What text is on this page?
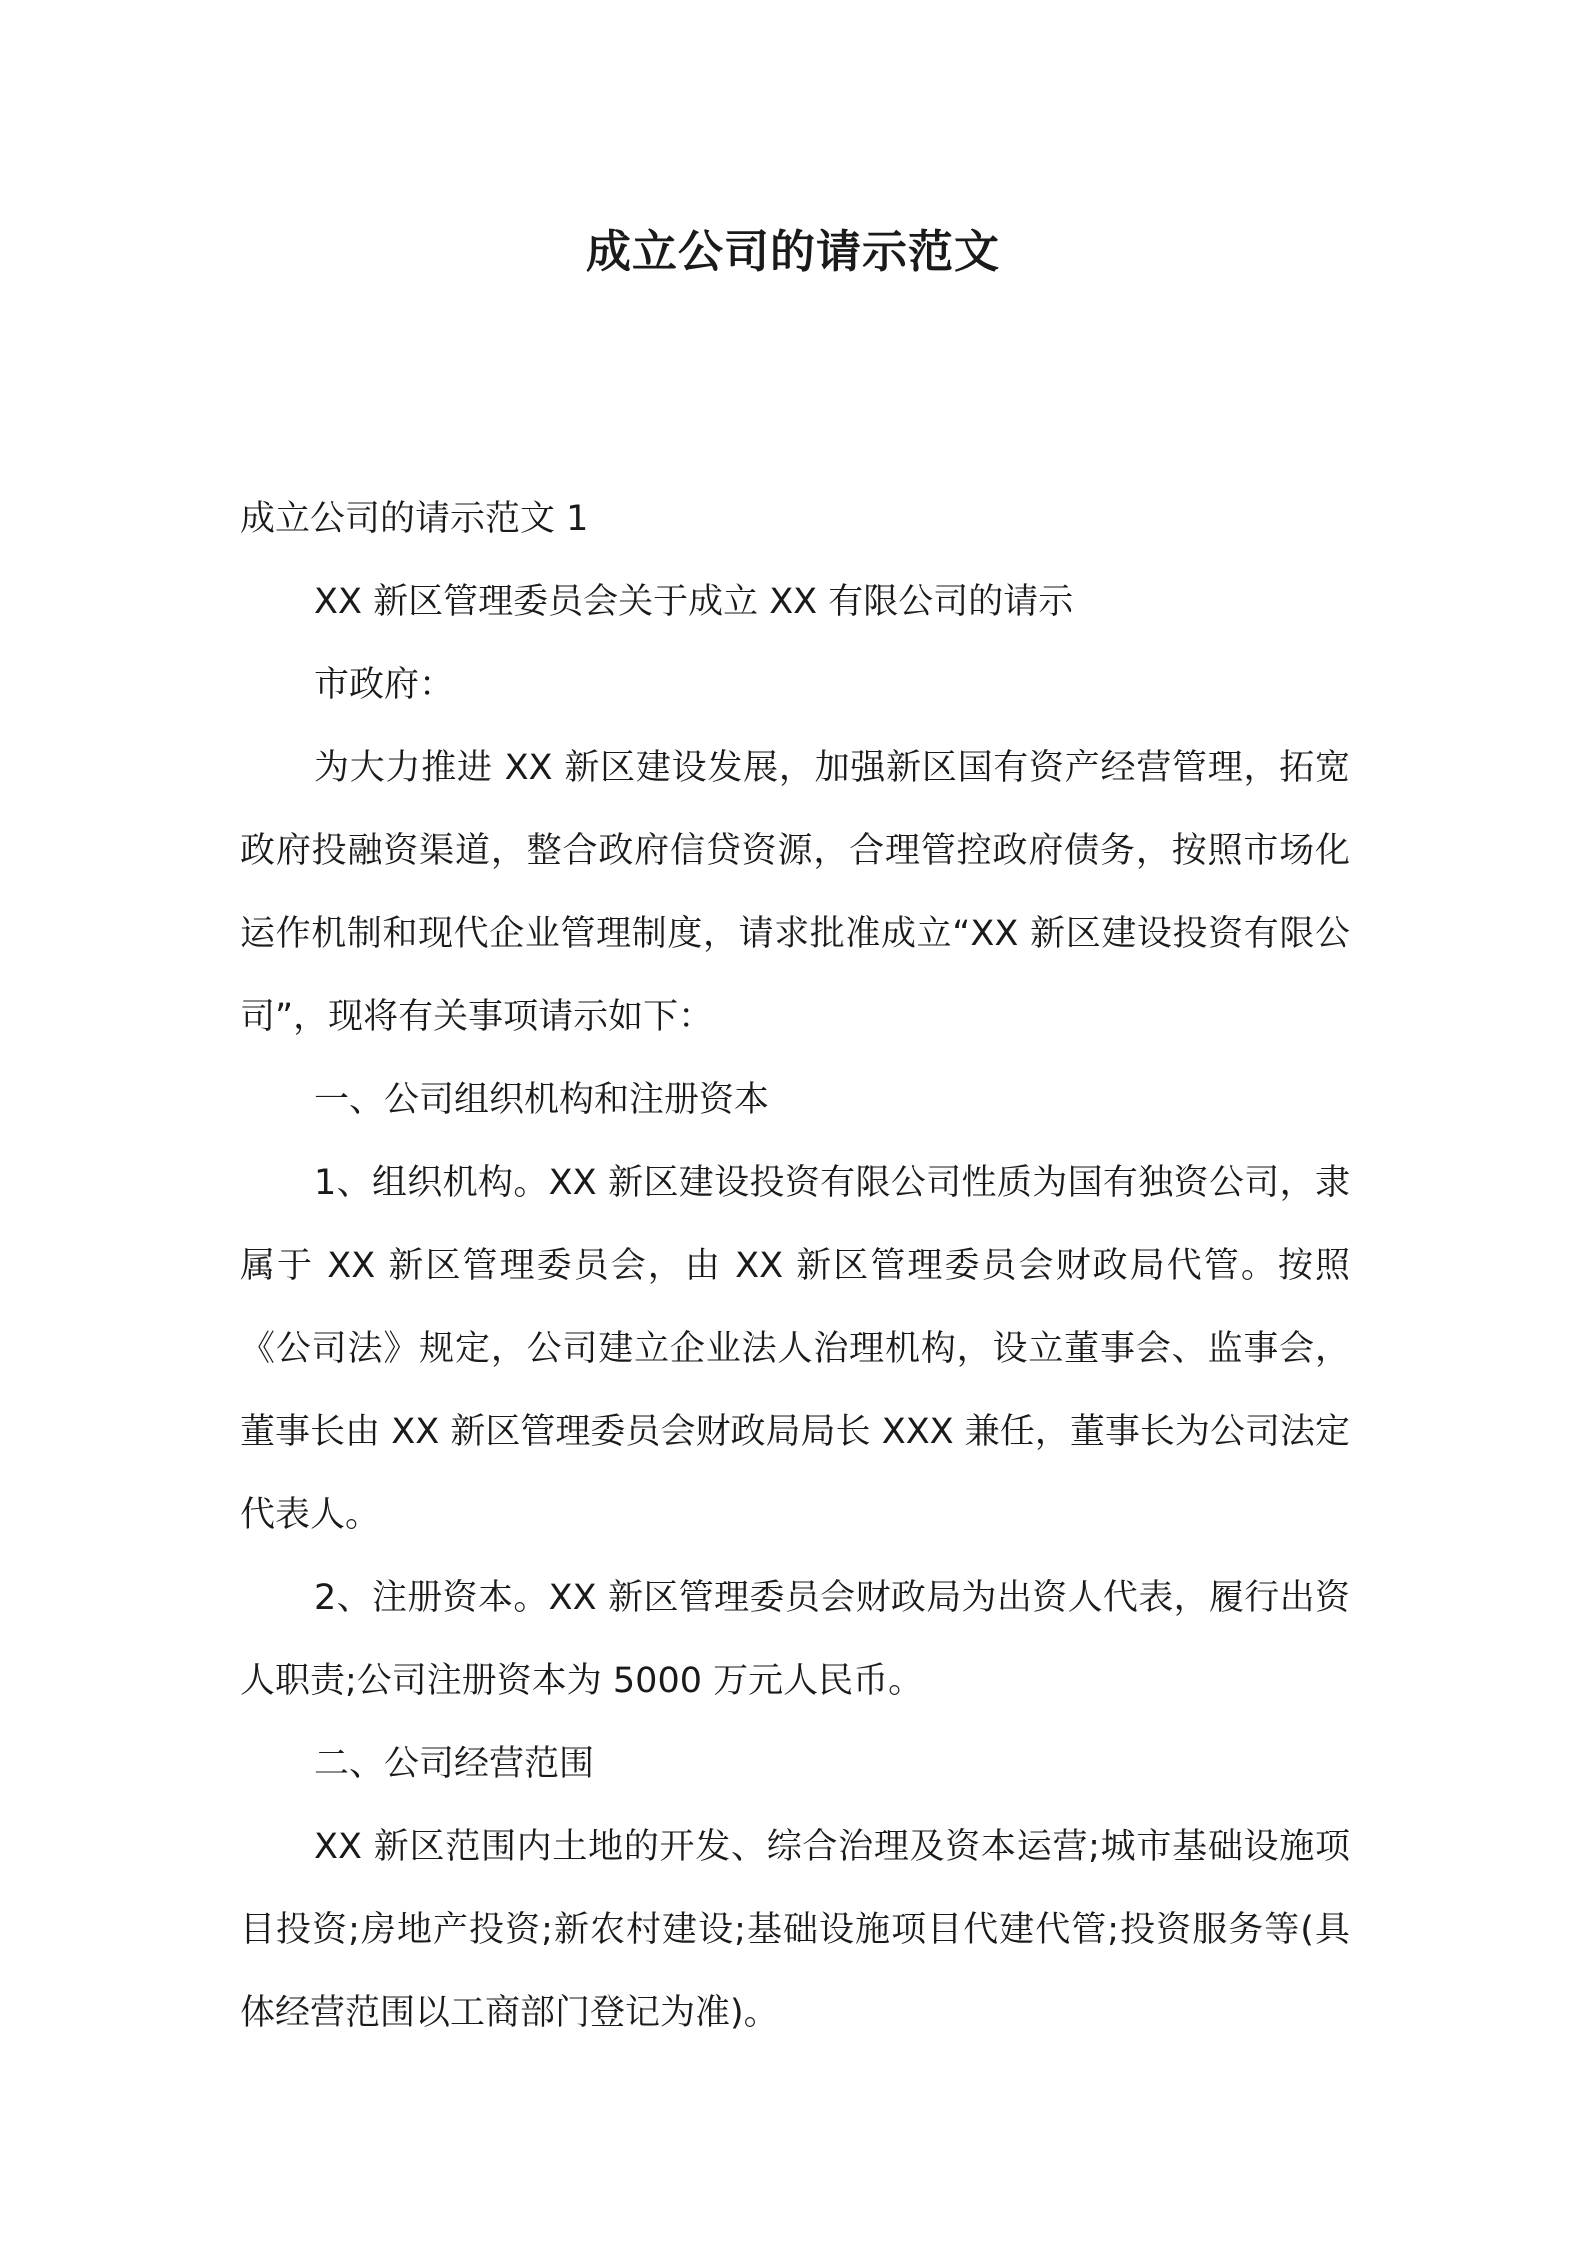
成立公司的请示范文

成立公司的请示范文 1

XX 新区管理委员会关于成立 XX 有限公司的请示

市政府：

为大力推进 XX 新区建设发展，加强新区国有资产经营管理，拓宽政府投融资渠道，整合政府信贷资源，合理管控政府债务，按照市场化运作机制和现代企业管理制度，请求批准成立“XX 新区建设投资有限公司”，现将有关事项请示如下：

一、公司组织机构和注册资本

1、组织机构。XX 新区建设投资有限公司性质为国有独资公司，隶属于 XX 新区管理委员会，由 XX 新区管理委员会财政局代管。按照《公司法》规定，公司建立企业法人治理机构，设立董事会、监事会，董事长由 XX 新区管理委员会财政局局长 XXX 兼任，董事长为公司法定代表人。

2、注册资本。XX 新区管理委员会财政局为出资人代表，履行出资人职责;公司注册资本为 5000 万元人民币。

二、公司经营范围

XX 新区范围内土地的开发、综合治理及资本运营;城市基础设施项目投资;房地产投资;新农村建设;基础设施项目代建代管;投资服务等(具体经营范围以工商部门登记为准)。
